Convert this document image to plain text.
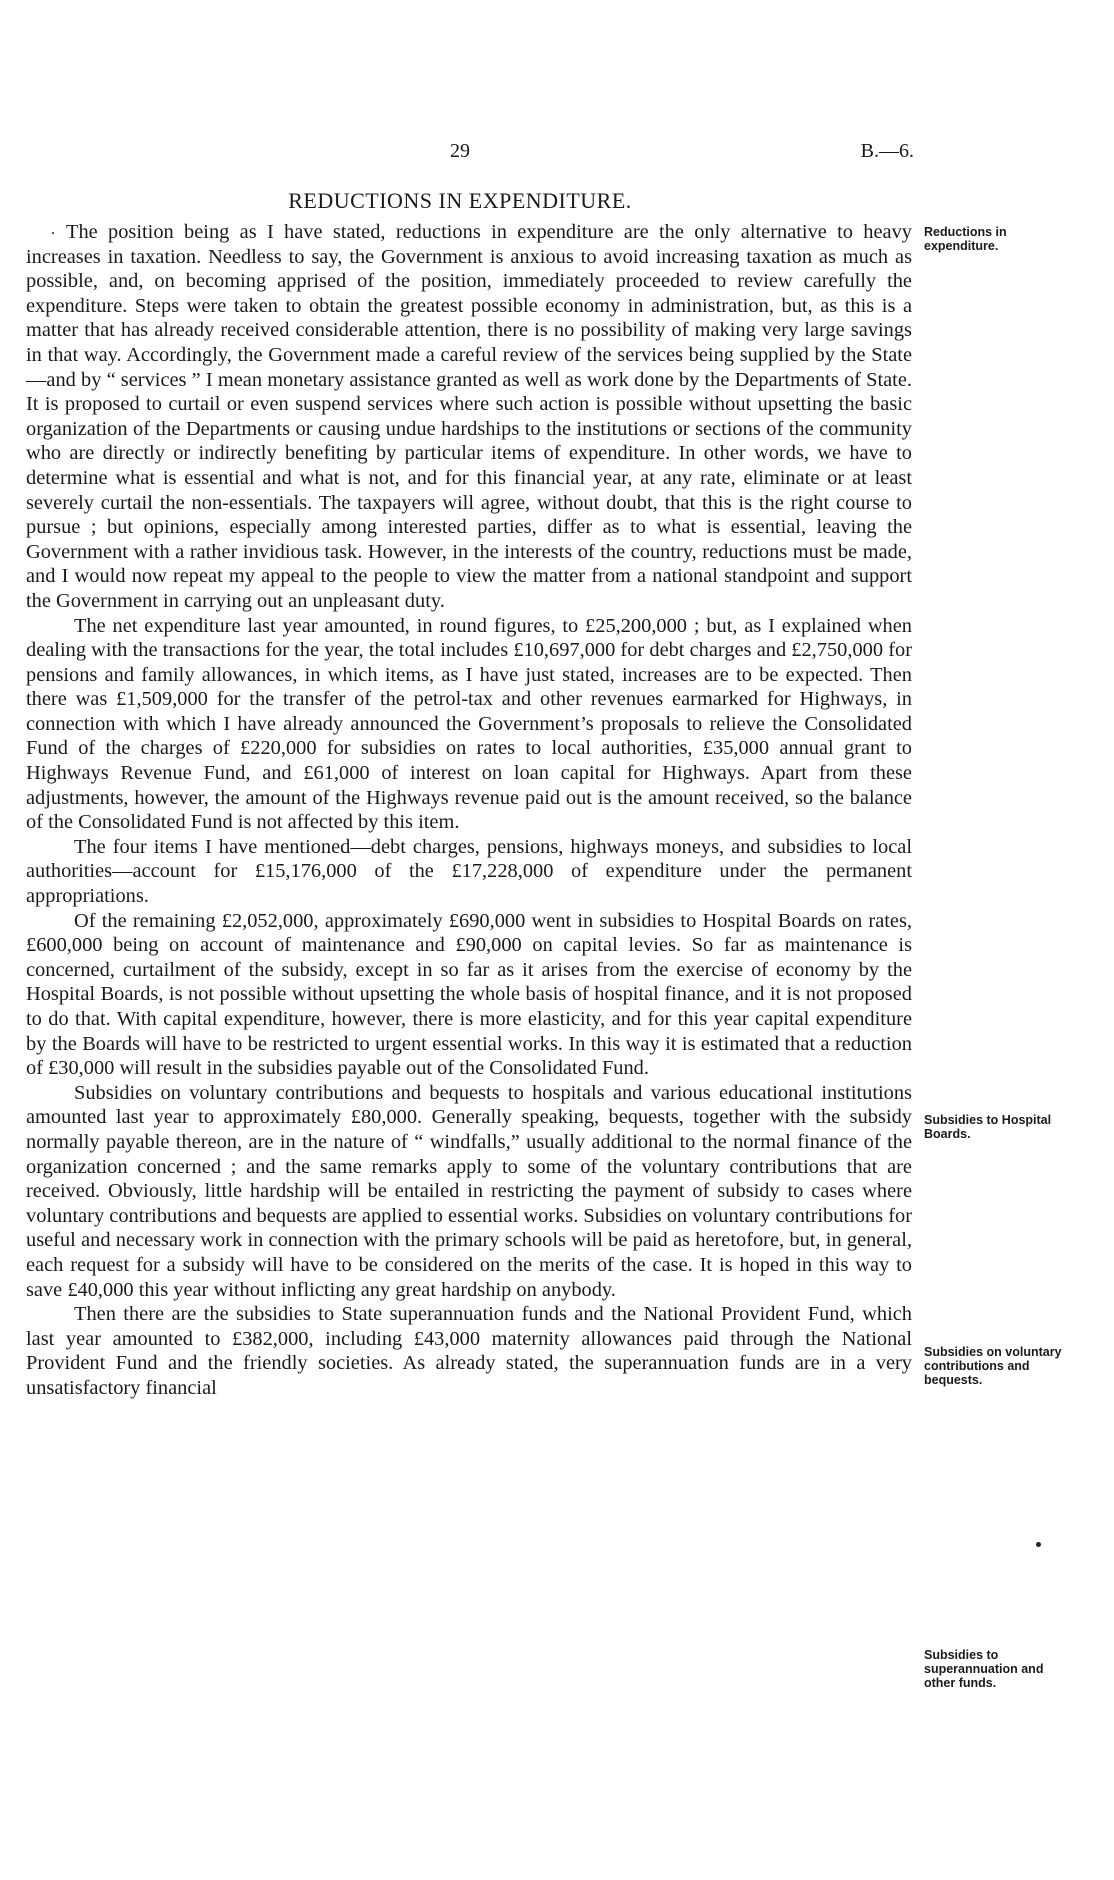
29	B.—6.
REDUCTIONS IN EXPENDITURE.

The position being as I have stated, reductions in expenditure are the only alternative to heavy increases in taxation. Needless to say, the Government is anxious to avoid increasing taxation as much as possible, and, on becoming apprised of the position, immediately proceeded to review carefully the expenditure. Steps were taken to obtain the greatest possible economy in administration, but, as this is a matter that has already received considerable attention, there is no possibility of making very large savings in that way. Accordingly, the Government made a careful review of the services being supplied by the State—and by “ services ” I mean monetary assistance granted as well as work done by the Departments of State. It is proposed to curtail or even suspend services where such action is possible without upsetting the basic organization of the Departments or causing undue hardships to the institutions or sections of the community who are directly or indirectly benefiting by particular items of expenditure. In other words, we have to determine what is essential and what is not, and for this financial year, at any rate, eliminate or at least severely curtail the non-essentials. The taxpayers will agree, without doubt, that this is the right course to pursue ; but opinions, especially among interested parties, differ as to what is essential, leaving the Government with a rather invidious task. However, in the interests of the country, reductions must be made, and I would now repeat my appeal to the people to view the matter from a national standpoint and support the Government in carrying out an unpleasant duty.

The net expenditure last year amounted, in round figures, to £25,200,000 ; but, as I explained when dealing with the transactions for the year, the total includes £10,697,000 for debt charges and £2,750,000 for pensions and family allowances, in which items, as I have just stated, increases are to be expected. Then there was £1,509,000 for the transfer of the petrol-tax and other revenues earmarked for Highways, in connection with which I have already announced the Government’s proposals to relieve the Consolidated Fund of the charges of £220,000 for subsidies on rates to local authorities, £35,000 annual grant to Highways Revenue Fund, and £61,000 of interest on loan capital for Highways. Apart from these adjustments, however, the amount of the Highways revenue paid out is the amount received, so the balance of the Consolidated Fund is not affected by this item.

The four items I have mentioned—debt charges, pensions, highways moneys, and subsidies to local authorities—account for £15,176,000 of the £17,228,000 of expenditure under the permanent appropriations.

Of the remaining £2,052,000, approximately £690,000 went in subsidies to Hospital Boards on rates, £600,000 being on account of maintenance and £90,000 on capital levies. So far as maintenance is concerned, curtailment of the subsidy, except in so far as it arises from the exercise of economy by the Hospital Boards, is not possible without upsetting the whole basis of hospital finance, and it is not proposed to do that. With capital expenditure, however, there is more elasticity, and for this year capital expenditure by the Boards will have to be restricted to urgent essential works. In this way it is estimated that a reduction of £30,000 will result in the subsidies payable out of the Consolidated Fund.

Subsidies on voluntary contributions and bequests to hospitals and various educational institutions amounted last year to approximately £80,000. Generally speaking, bequests, together with the subsidy normally payable thereon, are in the nature of “ windfalls,” usually additional to the normal finance of the organization concerned ; and the same remarks apply to some of the voluntary contributions that are received. Obviously, little hardship will be entailed in restricting the payment of subsidy to cases where voluntary contributions and bequests are applied to essential works. Subsidies on voluntary contributions for useful and necessary work in connection with the primary schools will be paid as heretofore, but, in general, each request for a subsidy will have to be considered on the merits of the case. It is hoped in this way to save £40,000 this year without inflicting any great hardship on anybody.

Then there are the subsidies to State superannuation funds and the National Provident Fund, which last year amounted to £382,000, including £43,000 maternity allowances paid through the National Provident Fund and the friendly societies. As already stated, the superannuation funds are in a very unsatisfactory financial

Reductions in expenditure.
Subsidies to Hospital Boards.
Subsidies on voluntary contributions and bequests.
Subsidies to superannuation and other funds.
